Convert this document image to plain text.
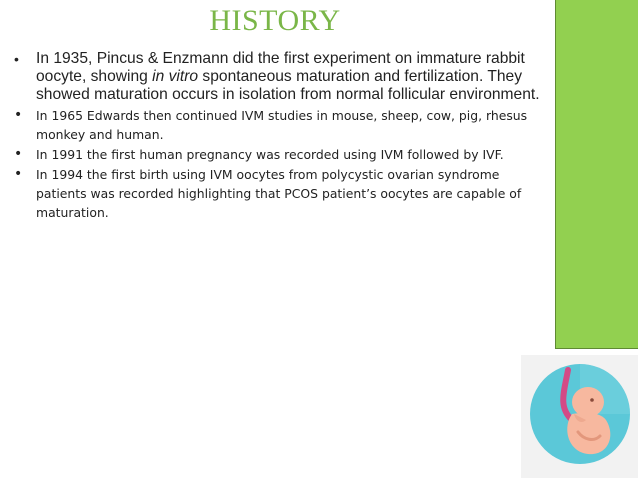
HISTORY
• In 1935, Pincus & Enzmann did the first experiment on immature rabbit oocyte, showing in vitro spontaneous maturation and fertilization. They showed maturation occurs in isolation from normal follicular environment.
• In 1965 Edwards then continued IVM studies in mouse, sheep, cow, pig, rhesus monkey and human.
• In 1991 the first human pregnancy was recorded using IVM followed by IVF.
• In 1994 the first birth using IVM oocytes from polycystic ovarian syndrome patients was recorded highlighting that PCOS patient’s oocytes are capable of maturation.
